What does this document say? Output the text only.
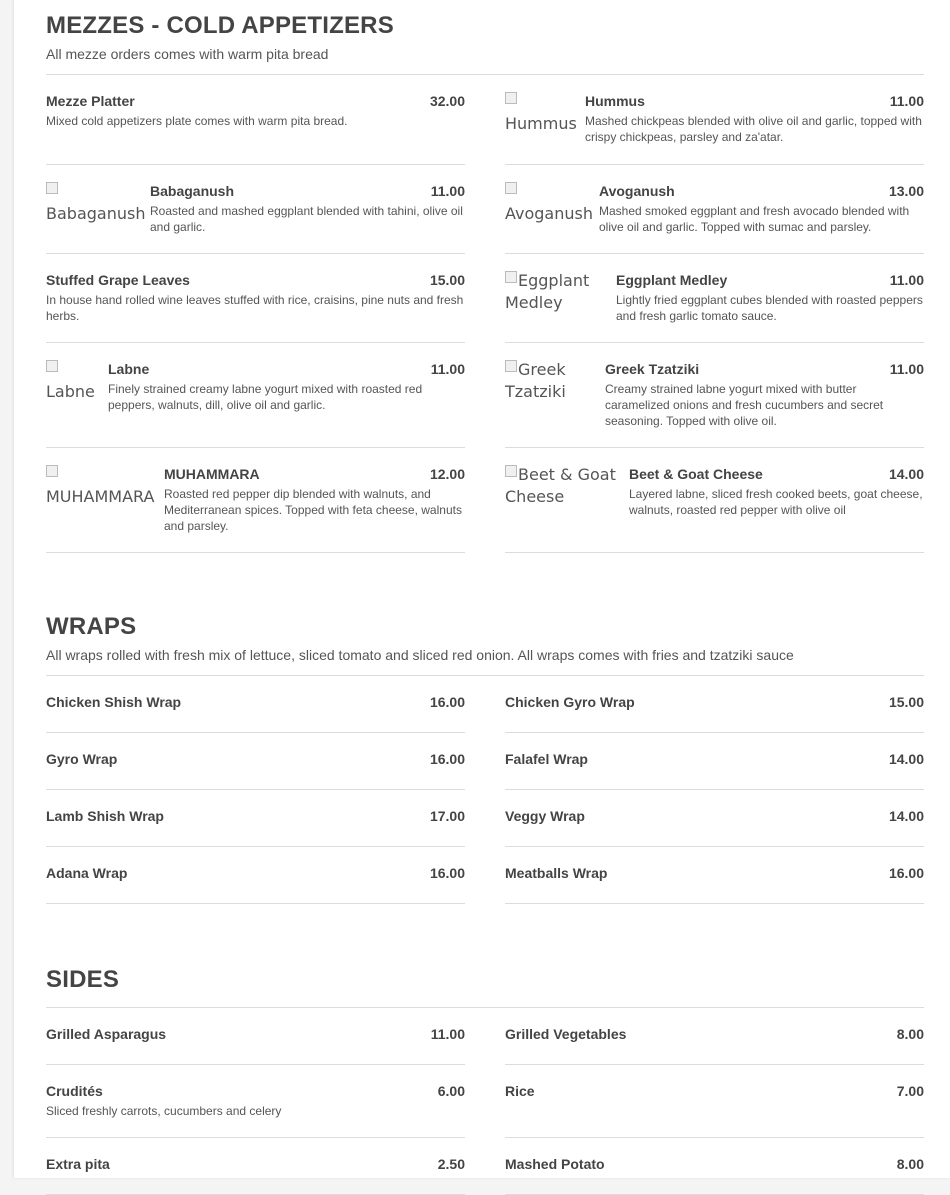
MEZZES - COLD APPETIZERS
All mezze orders comes with warm pita bread
Mezze Platter	32.00
Mixed cold appetizers plate comes with warm pita bread.

Babaganush
Babaganush	11.00
Roasted and mashed eggplant blended with tahini, olive oil and garlic.
Stuffed Grape Leaves	15.00
In house hand rolled wine leaves stuffed with rice, craisins, pine nuts and fresh herbs.

Labne
Labne	11.00
Finely strained creamy labne yogurt mixed with roasted red peppers, walnuts, dill, olive oil and garlic.

MUHAMMARA
MUHAMMARA	12.00
Roasted red pepper dip blended with walnuts, and Mediterranean spices. Topped with feta cheese, walnuts and parsley.

Hummus
Hummus	11.00
Mashed chickpeas blended with olive oil and garlic, topped with crispy chickpeas, parsley and za'atar.

Avoganush
Avoganush	13.00
Mashed smoked eggplant and fresh avocado blended with olive oil and garlic. Topped with sumac and parsley.
Eggplant Medley
Eggplant Medley	11.00
Lightly fried eggplant cubes blended with roasted peppers and fresh garlic tomato sauce.
Greek Tzatziki
Greek Tzatziki	11.00
Creamy strained labne yogurt mixed with butter caramelized onions and fresh cucumbers and secret seasoning. Topped with olive oil.
Beet & Goat Cheese
Beet & Goat Cheese	14.00
Layered labne, sliced fresh cooked beets, goat cheese, walnuts, roasted red pepper with olive oil
WRAPS
All wraps rolled with fresh mix of lettuce, sliced tomato and sliced red onion. All wraps comes with fries and tzatziki sauce
Chicken Shish Wrap	16.00
Gyro Wrap	16.00
Lamb Shish Wrap	17.00
Adana Wrap	16.00
Chicken Gyro Wrap	15.00
Falafel Wrap	14.00
Veggy Wrap	14.00
Meatballs Wrap	16.00
SIDES
Grilled Asparagus	11.00
Crudités	6.00
Sliced freshly carrots, cucumbers and celery
Extra pita	2.50
Grilled Vegetables	8.00
Rice	7.00
Mashed Potato	8.00
